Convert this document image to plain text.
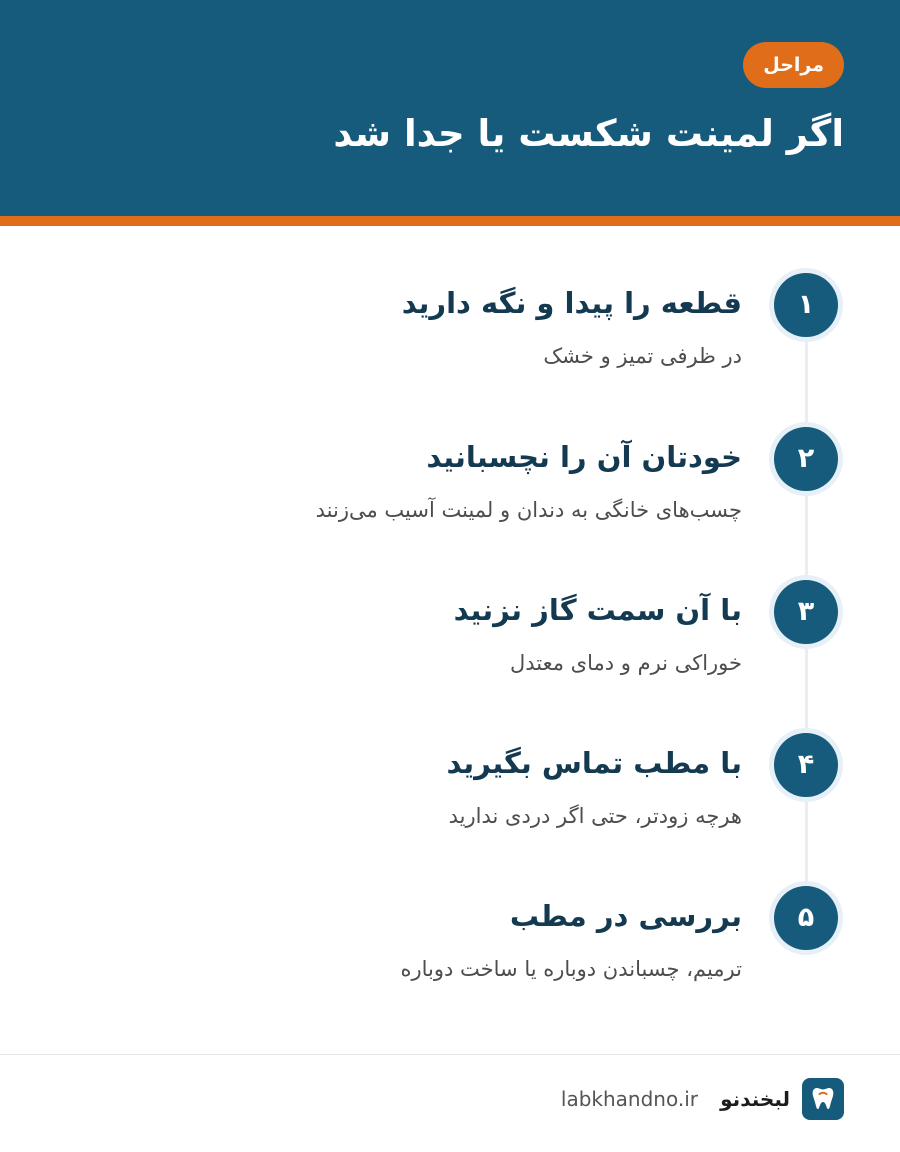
مراحل
اگر لمینت شکست یا جدا شد
۱
قطعه را پیدا و نگه دارید
در ظرفی تمیز و خشک
۲
خودتان آن را نچسبانید
چسب‌های خانگی به دندان و لمینت آسیب می‌زنند
۳
با آن سمت گاز نزنید
خوراکی نرم و دمای معتدل
۴
با مطب تماس بگیرید
هرچه زودتر، حتی اگر دردی ندارید
۵
بررسی در مطب
ترمیم، چسباندن دوباره یا ساخت دوباره
لبخندنو
labkhandno.ir
